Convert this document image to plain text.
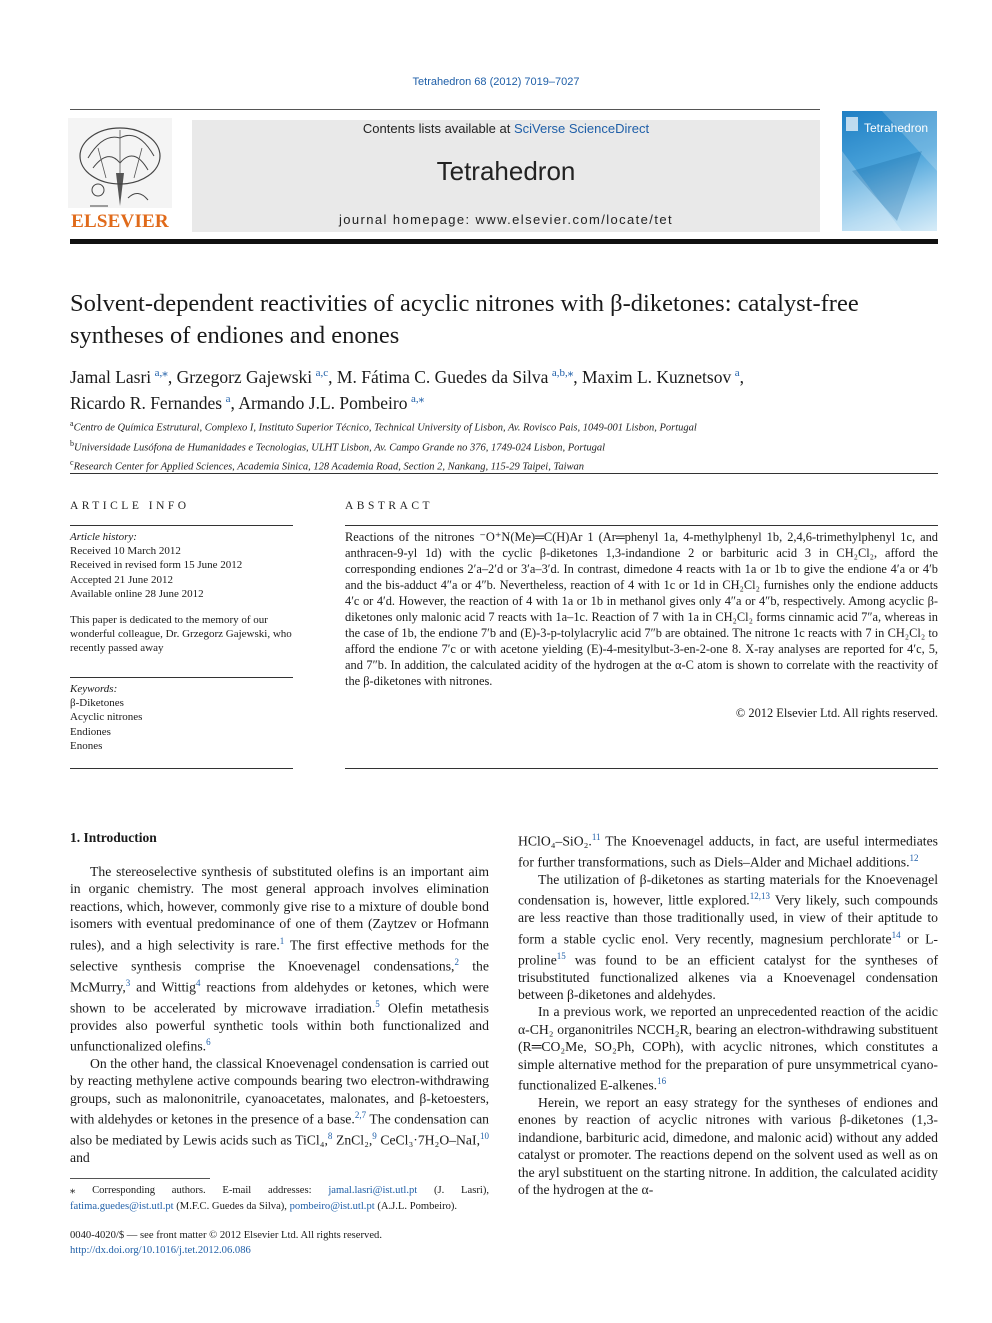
Tetrahedron 68 (2012) 7019–7027
ELSEVIER
Contents lists available at SciVerse ScienceDirect
Tetrahedron
journal homepage: www.elsevier.com/locate/tet
Tetrahedron
Solvent-dependent reactivities of acyclic nitrones with β-diketones: catalyst-free syntheses of endiones and enones
Jamal Lasri  $^{a,⁎}$, Grzegorz Gajewski  $^{a,c}$, M. Fátima C. Guedes da Silva  $^{a,b,⁎}$, Maxim L. Kuznetsov  $^a$,
Ricardo R. Fernandes  $^a$, Armando J.L. Pombeiro  $^{a,⁎}$
$^a$Centro de Química Estrutural, Complexo I, Instituto Superior Técnico, Technical University of Lisbon, Av. Rovisco Pais, 1049-001 Lisbon, Portugal
$^b$Universidade Lusófona de Humanidades e Tecnologias, ULHT Lisbon, Av. Campo Grande no 376, 1749-024 Lisbon, Portugal
$^c$Research Center for Applied Sciences, Academia Sinica, 128 Academia Road, Section 2, Nankang, 115-29 Taipei, Taiwan
ARTICLE INFO
Article history:
Received 10 March 2012
Received in revised form 15 June 2012
Accepted 21 June 2012
Available online 28 June 2012
This paper is dedicated to the memory of our wonderful colleague, Dr. Grzegorz Gajewski, who recently passed away
Keywords:
β-Diketones
Acyclic nitrones
Endiones
Enones
ABSTRACT
Reactions of the nitrones ⁻O⁺N(Me)═C(H)Ar 1 (Ar═phenyl 1a, 4-methylphenyl 1b, 2,4,6-trimethylphenyl 1c, and anthracen-9-yl 1d) with the cyclic β-diketones 1,3-indandione 2 or barbituric acid 3 in CH₂Cl₂, afford the corresponding endiones 2′a–2′d or 3′a–3′d. In contrast, dimedone 4 reacts with 1a or 1b to give the endione 4′a or 4′b and the bis-adduct 4″a or 4″b. Nevertheless, reaction of 4 with 1c or 1d in CH₂Cl₂ furnishes only the endione adducts 4′c or 4′d. However, the reaction of 4 with 1a or 1b in methanol gives only 4″a or 4″b, respectively. Among acyclic β-diketones only malonic acid 7 reacts with 1a–1c. Reaction of 7 with 1a in CH₂Cl₂ forms cinnamic acid 7″a, whereas in the case of 1b, the endione 7′b and (E)-3-p-tolylacrylic acid 7″b are obtained. The nitrone 1c reacts with 7 in CH₂Cl₂ to afford the endione 7′c or with acetone yielding (E)-4-mesitylbut-3-en-2-one 8. X-ray analyses are reported for 4′c, 5, and 7″b. In addition, the calculated acidity of the hydrogen at the α-C atom is shown to correlate with the reactivity of the β-diketones with nitrones.
© 2012 Elsevier Ltd. All rights reserved.
1. Introduction

The stereoselective synthesis of substituted olefins is an important aim in organic chemistry. The most general approach involves elimination reactions, which, however, commonly give rise to a mixture of double bond isomers with eventual predominance of one of them (Zaytzev or Hofmann rules), and a high selectivity is rare.$^1$ The first effective methods for the selective synthesis comprise the Knoevenagel condensations,$^2$ the McMurry,$^3$ and Wittig$^4$ reactions from aldehydes or ketones, which were shown to be accelerated by microwave irradiation.$^5$ Olefin metathesis provides also powerful synthetic tools within both functionalized and unfunctionalized olefins.$^6$

On the other hand, the classical Knoevenagel condensation is carried out by reacting methylene active compounds bearing two electron-withdrawing groups, such as malononitrile, cyanoacetates, malonates, and β-ketoesters, with aldehydes or ketones in the presence of a base.$^{2,7}$ The condensation can also be mediated by Lewis acids such as TiCl₄,$^8$ ZnCl₂,$^9$ CeCl₃·7H₂O–NaI,$^{10}$ and

HClO₄–SiO₂.$^{11}$ The Knoevenagel adducts, in fact, are useful intermediates for further transformations, such as Diels–Alder and Michael additions.$^{12}$

The utilization of β-diketones as starting materials for the Knoevenagel condensation is, however, little explored.$^{12,13}$ Very likely, such compounds are less reactive than those traditionally used, in view of their aptitude to form a stable cyclic enol. Very recently, magnesium perchlorate$^{14}$ or L-proline$^{15}$ was found to be an efficient catalyst for the syntheses of trisubstituted functionalized alkenes via a Knoevenagel condensation between β-diketones and aldehydes.

In a previous work, we reported an unprecedented reaction of the acidic α-CH₂ organonitriles NCCH₂R, bearing an electron-withdrawing substituent (R═CO₂Me, SO₂Ph, COPh), with acyclic nitrones, which constitutes a simple alternative method for the preparation of pure unsymmetrical cyano-functionalized E-alkenes.$^{16}$

Herein, we report an easy strategy for the syntheses of endiones and enones by reaction of acyclic nitrones with various β-diketones (1,3-indandione, barbituric acid, dimedone, and malonic acid) without any added catalyst or promoter. The reactions depend on the solvent used as well as on the aryl substituent on the starting nitrone. In addition, the calculated acidity of the hydrogen at the α-

⁎ Corresponding authors. E-mail addresses: jamal.lasri@ist.utl.pt (J. Lasri), fatima.guedes@ist.utl.pt (M.F.C. Guedes da Silva), pombeiro@ist.utl.pt (A.J.L. Pombeiro).
0040-4020/$ — see front matter © 2012 Elsevier Ltd. All rights reserved.
http://dx.doi.org/10.1016/j.tet.2012.06.086
